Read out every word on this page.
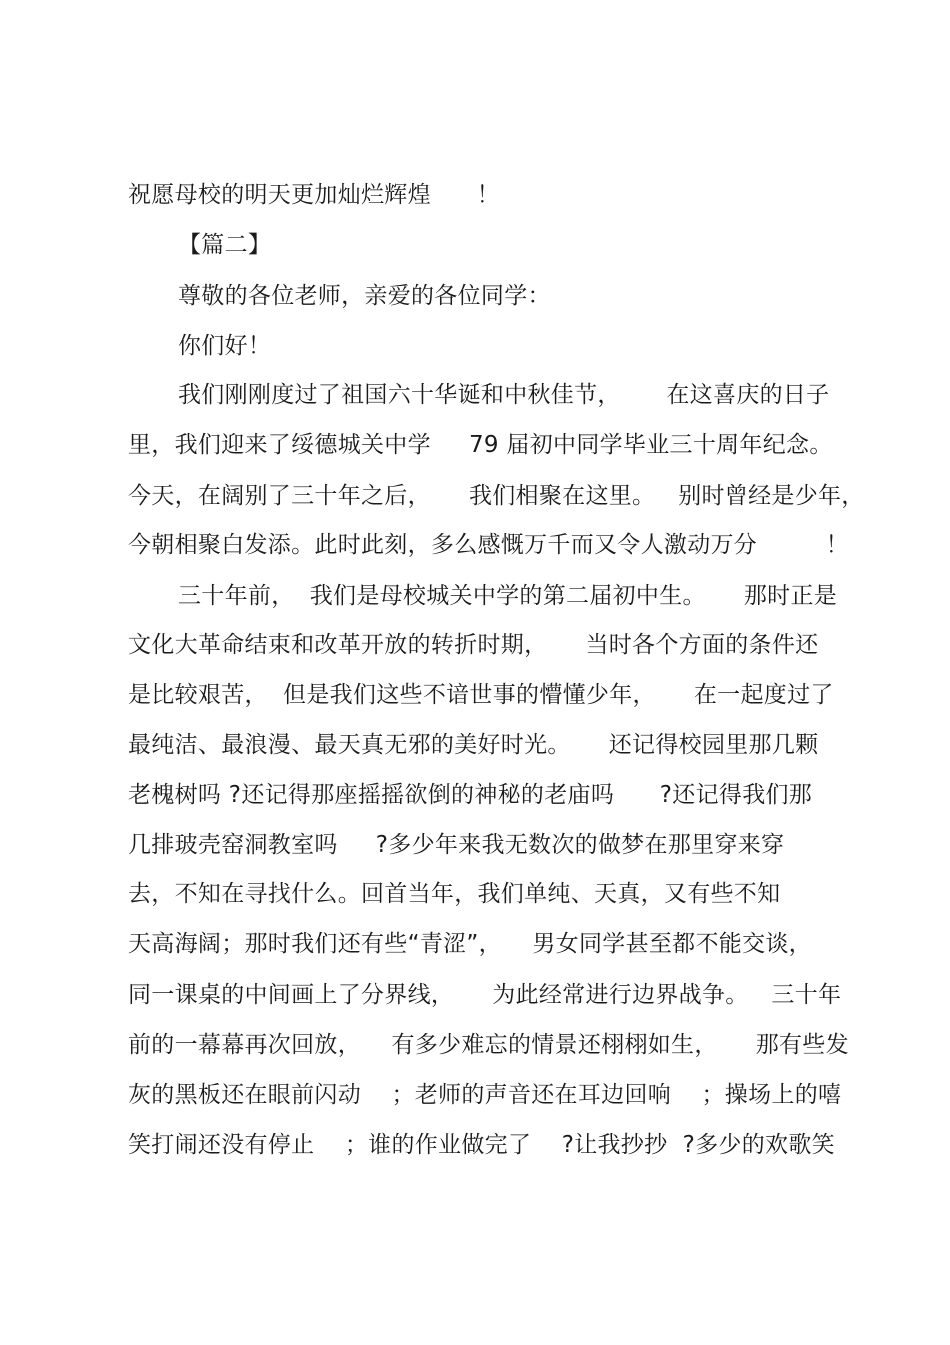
祝愿母校的明天更加灿烂辉煌      ！
【篇二】
尊敬的各位老师，亲爱的各位同学：
你们好！
我们刚刚度过了祖国六十华诞和中秋佳节，      在这喜庆的日子
里，我们迎来了绥德城关中学     79 届初中同学毕业三十周年纪念。
今天，在阔别了三十年之后，     我们相聚在这里。   别时曾经是少年，
今朝相聚白发添。此时此刻，多么感慨万千而又令人激动万分         ！
三十年前，  我们是母校城关中学的第二届初中生。     那时正是
文化大革命结束和改革开放的转折时期，     当时各个方面的条件还
是比较艰苦，  但是我们这些不谙世事的懵懂少年，     在一起度过了
最纯洁、最浪漫、最天真无邪的美好时光。     还记得校园里那几颗
老槐树吗 ?还记得那座摇摇欲倒的神秘的老庙吗      ?还记得我们那
几排玻壳窑洞教室吗     ?多少年来我无数次的做梦在那里穿来穿
去，不知在寻找什么。回首当年，我们单纯、天真，又有些不知
天高海阔；那时我们还有些“青涩”，    男女同学甚至都不能交谈，
同一课桌的中间画上了分界线，     为此经常进行边界战争。   三十年
前的一幕幕再次回放，    有多少难忘的情景还栩栩如生，     那有些发
灰的黑板还在眼前闪动    ；老师的声音还在耳边回响    ；操场上的嘻
笑打闹还没有停止    ；谁的作业做完了    ?让我抄抄  ?多少的欢歌笑
